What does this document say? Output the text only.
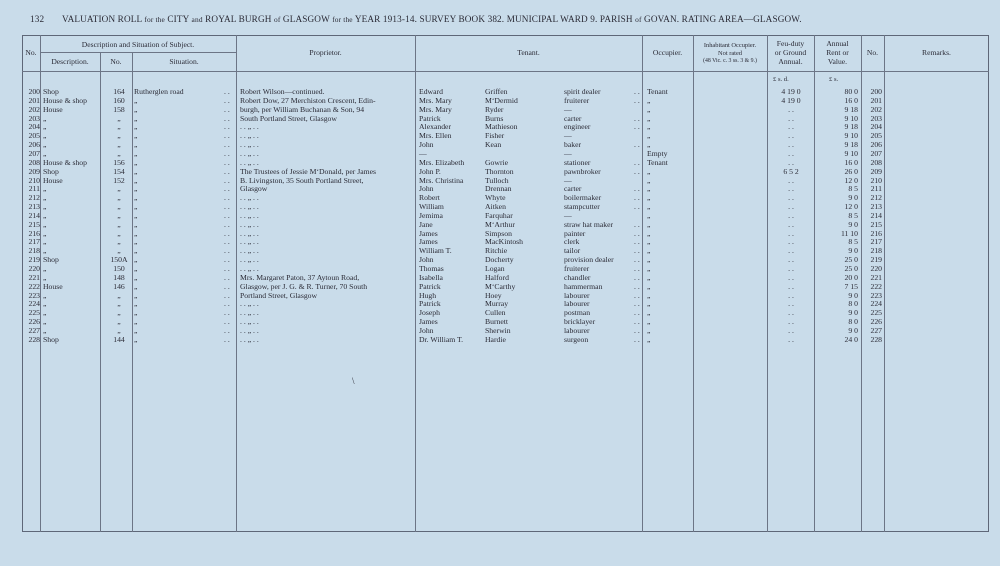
132 VALUATION ROLL for the CITY and ROYAL BURGH of GLASGOW for the YEAR 1913-14. SURVEY BOOK 382. MUNICIPAL WARD 9. PARISH of GOVAN. RATING AREA—GLASGOW.
No.
Description and Situation of Subject.
Description.	No.	Situation.
Proprietor.	Tenant.	Occupier.
Inhabitant Occupier.
Not rated
(48 Vic. c. 3 ss. 3 & 9.)
Feu-duty
or Ground
Annual.
Annual
Rent or
Value.
No.	Remarks.
£ s. d.	£ s.
200 Shop	164	Rutherglen road	. . Robert Wilson—continued.	Edward	Griffen	spirit dealer	. . Tenant	4 19 0	80 0	200
201 House & shop	160	„	. . Robert Dow, 27 Merchiston Crescent, Edin-	Mrs. Mary	M‘Dermid	fruiterer	. . „	4 19 0	16 0	201
202 House	158	„	. . burgh, per William Buchanan & Son, 94	Mrs. Mary	Ryder	—	„	. .	9 18	202
203 „	„	„	. . South Portland Street, Glasgow	Patrick	Burns	carter	. . „	. .	9 10	203
204 „	„	„	. . . . „ . .	Alexander	Mathieson	engineer	. . „	. .	9 18	204
205 „	„	„	. . . . „ . .	Mrs. Ellen	Fisher	—	„	. .	9 10	205
206 „	„	„	. . . . „ . .	John	Kean	baker	. . „	. .	9 18	206
207 „	„	„	. . . . „ . .	—	—	Empty	. .	9 10	207
208 House & shop	156	„	. . . . „ . .	Mrs. Elizabeth	Gowrie	stationer	. . Tenant	. .	16 0	208
209 Shop	154	„	. . The Trustees of Jessie M‘Donald, per James	John P.	Thornton	pawnbroker	. . „	6 5 2	26 0	209
210 House	152	„	. . B. Livingston, 35 South Portland Street,	Mrs. Christina	Tulloch	—	„	. .	12 0	210
211 „	„	„	. . Glasgow	John	Drennan	carter	. . „	. .	8 5	211
212 „	„	„	. . . . „ . .	Robert	Whyte	boilermaker	. . „	. .	9 0	212
213 „	„	„	. . . . „ . .	William	Aitken	stampcutter	. . „	. .	12 0	213
214 „	„	„	. . . . „ . .	Jemima	Farquhar	—	„	. .	8 5	214
215 „	„	„	. . . . „ . .	Jane	M‘Arthur	straw hat maker	. . „	. .	9 0	215
216 „	„	„	. . . . „ . .	James	Simpson	painter	. . „	. .	11 10	216
217 „	„	„	. . . . „ . .	James	MacKintosh	clerk	. . „	. .	8 5	217
218 „	„	„	. . . . „ . .	William T.	Ritchie	tailor	. . „	. .	9 0	218
219 Shop	150A „	. . . . „ . .	John	Docherty	provision dealer	. . „	. .	25 0	219
220 „	150	„	. . . . „ . .	Thomas	Logan	fruiterer	. . „	. .	25 0	220
221 „	148	„	. . Mrs. Margaret Paton, 37 Aytoun Road,	Isabella	Halford	chandler	. . „	. .	20 0	221
222 House	146	„	. . Glasgow, per J. G. & R. Turner, 70 South	Patrick	M‘Carthy	hammerman	. . „	. .	7 15	222
223 „	„	„	. . Portland Street, Glasgow	Hugh	Hoey	labourer	. . „	. .	9 0	223
224 „	„	„	. . . . „ . .	Patrick	Murray	labourer	. . „	. .	8 0	224
225 „	„	„	. . . . „ . .	Joseph	Cullen	postman	. . „	. .	9 0	225
226 „	„	„	. . . . „ . .	James	Burnett	bricklayer	. . „	. .	8 0	226
227 „	„	„	. . . . „ . .	John	Sherwin	labourer	. . „	. .	9 0	227
228 Shop	144	„	. . . . „ . .	Dr. William T.	Hardie	surgeon	. . „	. .	24 0	228
\
